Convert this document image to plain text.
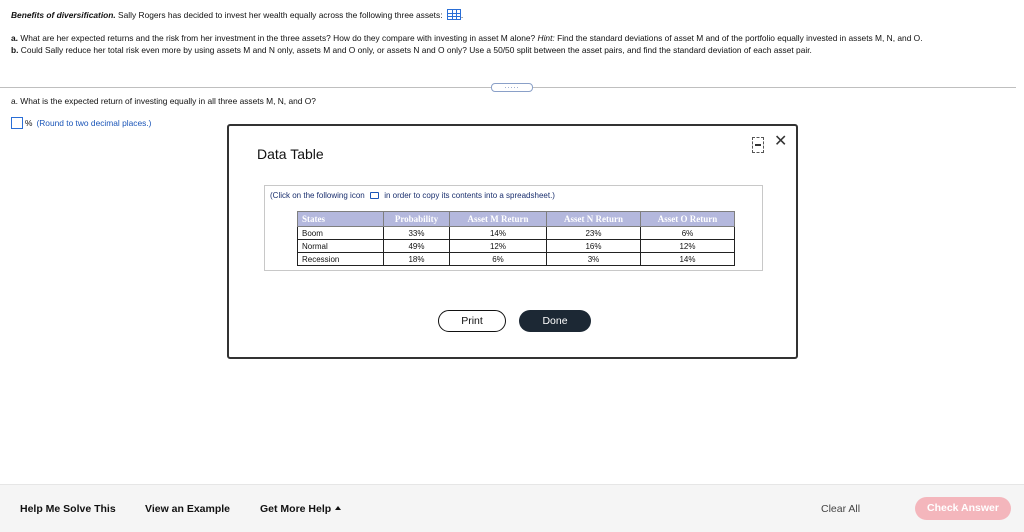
Benefits of diversification. Sally Rogers has decided to invest her wealth equally across the following three assets: .
a. What are her expected returns and the risk from her investment in the three assets? How do they compare with investing in asset M alone? Hint: Find the standard deviations of asset M and of the portfolio equally invested in assets M, N, and O.
b. Could Sally reduce her total risk even more by using assets M and N only, assets M and O only, or assets N and O only? Use a 50/50 split between the asset pairs, and find the standard deviation of each asset pair.
.....
a. What is the expected return of investing equally in all three assets M, N, and O?
% (Round to two decimal places.)
Data Table
✕
(Click on the following icon in order to copy its contents into a spreadsheet.)
States	Probability	Asset M Return	Asset N Return	Asset O Return
Boom	33%	14%	23%	6%
Normal	49%	12%	16%	12%
Recession	18%	6%	3%	14%
Print	Done
Help Me Solve This	View an Example	Get More Help	Clear All	Check Answer
